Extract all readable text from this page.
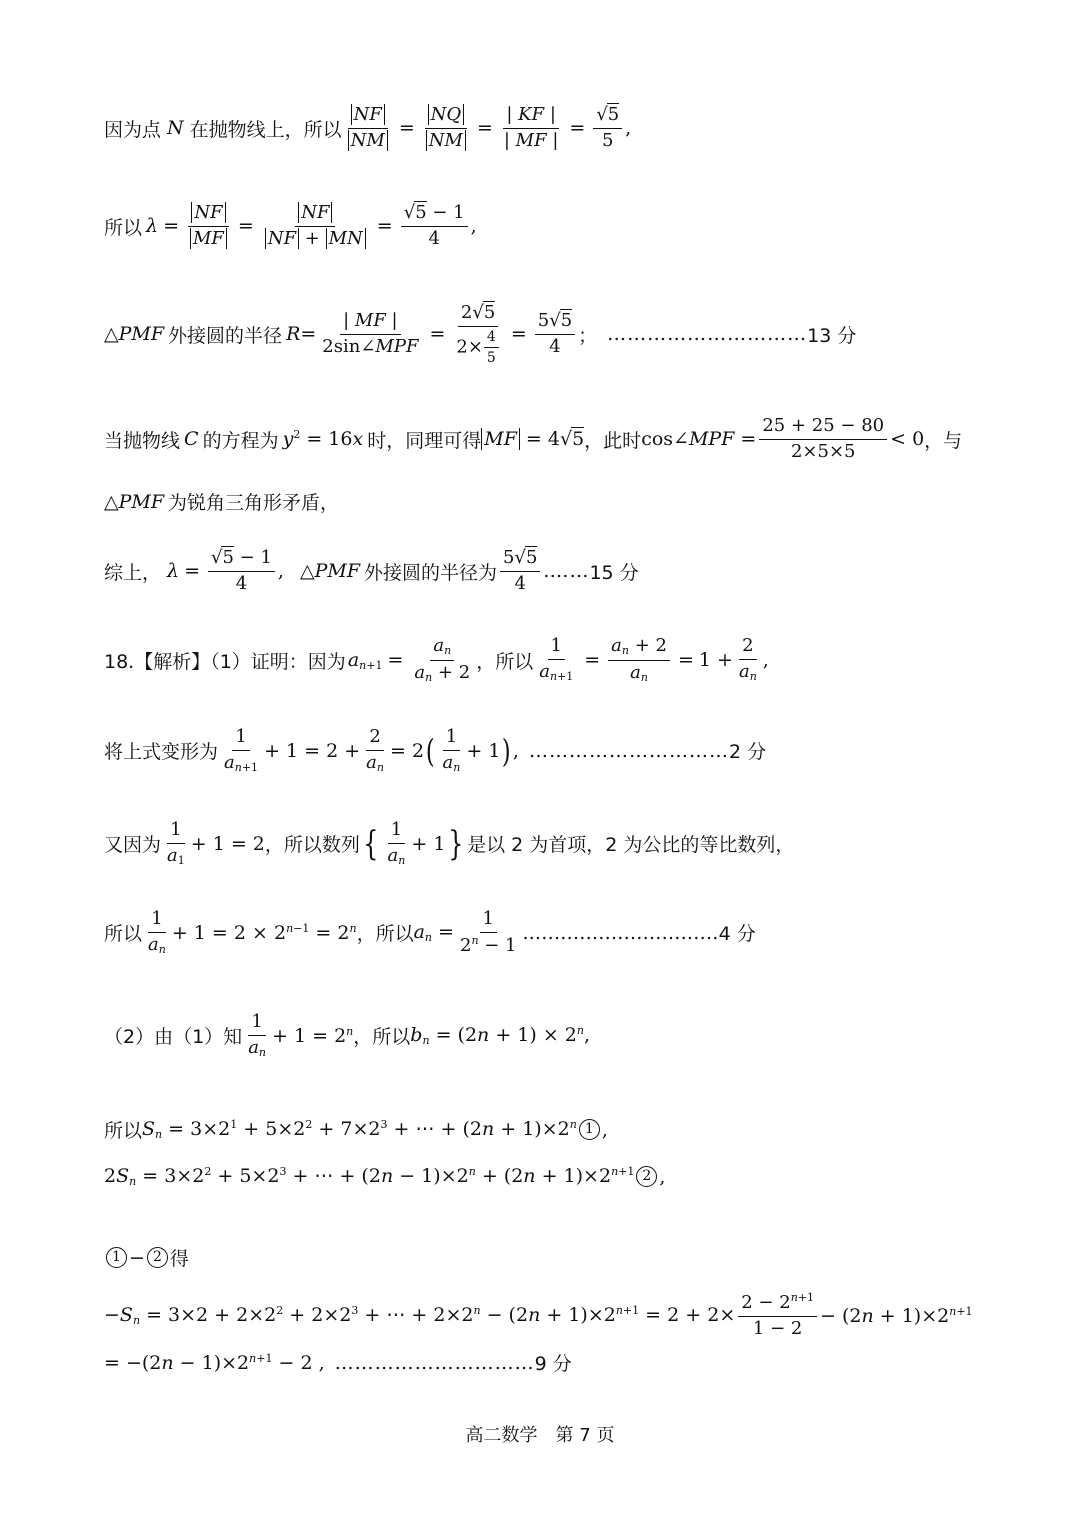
因为点 N 在抛物线上，所以 $\frac{NF}{NM} = \frac{NQ}{NM} = \frac{| KF |}{| MF |} = \frac{√5}{5}$ ,
所以 $\lambda = \frac{NF}{MF} = \frac{NF}{NF + MN} = \frac{√5 - 1}{4}$ ,
△PMF 外接圆的半径 $R = \frac{| MF |}{\text{2sin∠MPF}} = \frac{2√5}{2\times \frac{4}{5}} = \frac{5√5}{4}$ ； ………………………… 13 分
当抛物线 C 的方程为 $y^2 = 16x$ 时，同理可得 MF = 4√5 ，此时 cos∠MPF = $\frac{25 + 25 - 80}{2\times 5\times 5} < 0$ ，与
△PMF 为锐角三角形矛盾，
综上， $\lambda = \frac{√5 - 1}{4}$ , △PMF 外接圆的半径为 $\frac{5√5}{4}$ . …… 15 分
18.【解析】（1）证明：因为 $a_{n+1} = \frac{a_n}{a_n + 2}$ ，所以 $\frac{1}{a_{n+1}} = \frac{a_n + 2}{a_n} = 1 + \frac{2}{a_n}$ ,
将上式变形为 $\frac{1}{a_{n+1}} + 1 = 2 + \frac{2}{a_n} = 2$ ( $\frac{1}{a_n} + 1$ ) , ………………………… 2 分
又因为 $\frac{1}{a_1} + 1 = 2$ ，所以数列 { $\frac{1}{a_n} + 1$ } 是以 2 为首项，2 为公比的等比数列，
所以 $\frac{1}{a_n} + 1 = 2 \times 2^{n-1} = 2^n$ ，所以 $a_n = \frac{1}{2^n - 1}$ .………………………… 4 分
（2）由（1）知 $\frac{1}{a_n} + 1 = 2^n$ ，所以 $b_n = (2n + 1) \times 2^n$,
所以 $S_n = 3\times 2^1 + 5\times 2^2 + 7\times 2^3$ + ⋯ + $(2n + 1)\times 2^n$ 1 ,
$2S_n = 3\times 2^2 + 5\times 2^3$ + ⋯ + $(2n - 1)\times 2^n + (2n + 1)\times 2^{n+1}$ 2 ,
1 − 2 得
$-S_n = 3\times 2 + 2\times 2^2 + 2\times 2^3$ + ⋯ + $2\times 2^n - (2n + 1)\times 2^{n+1} = 2 + 2\times \frac{2 - 2^{n+1}}{1 - 2} - (2n + 1)\times 2^{n+1}$
= $-(2n - 1)\times 2^{n+1} - 2$ , ………………………… 9 分
高二数学　第 7 页
